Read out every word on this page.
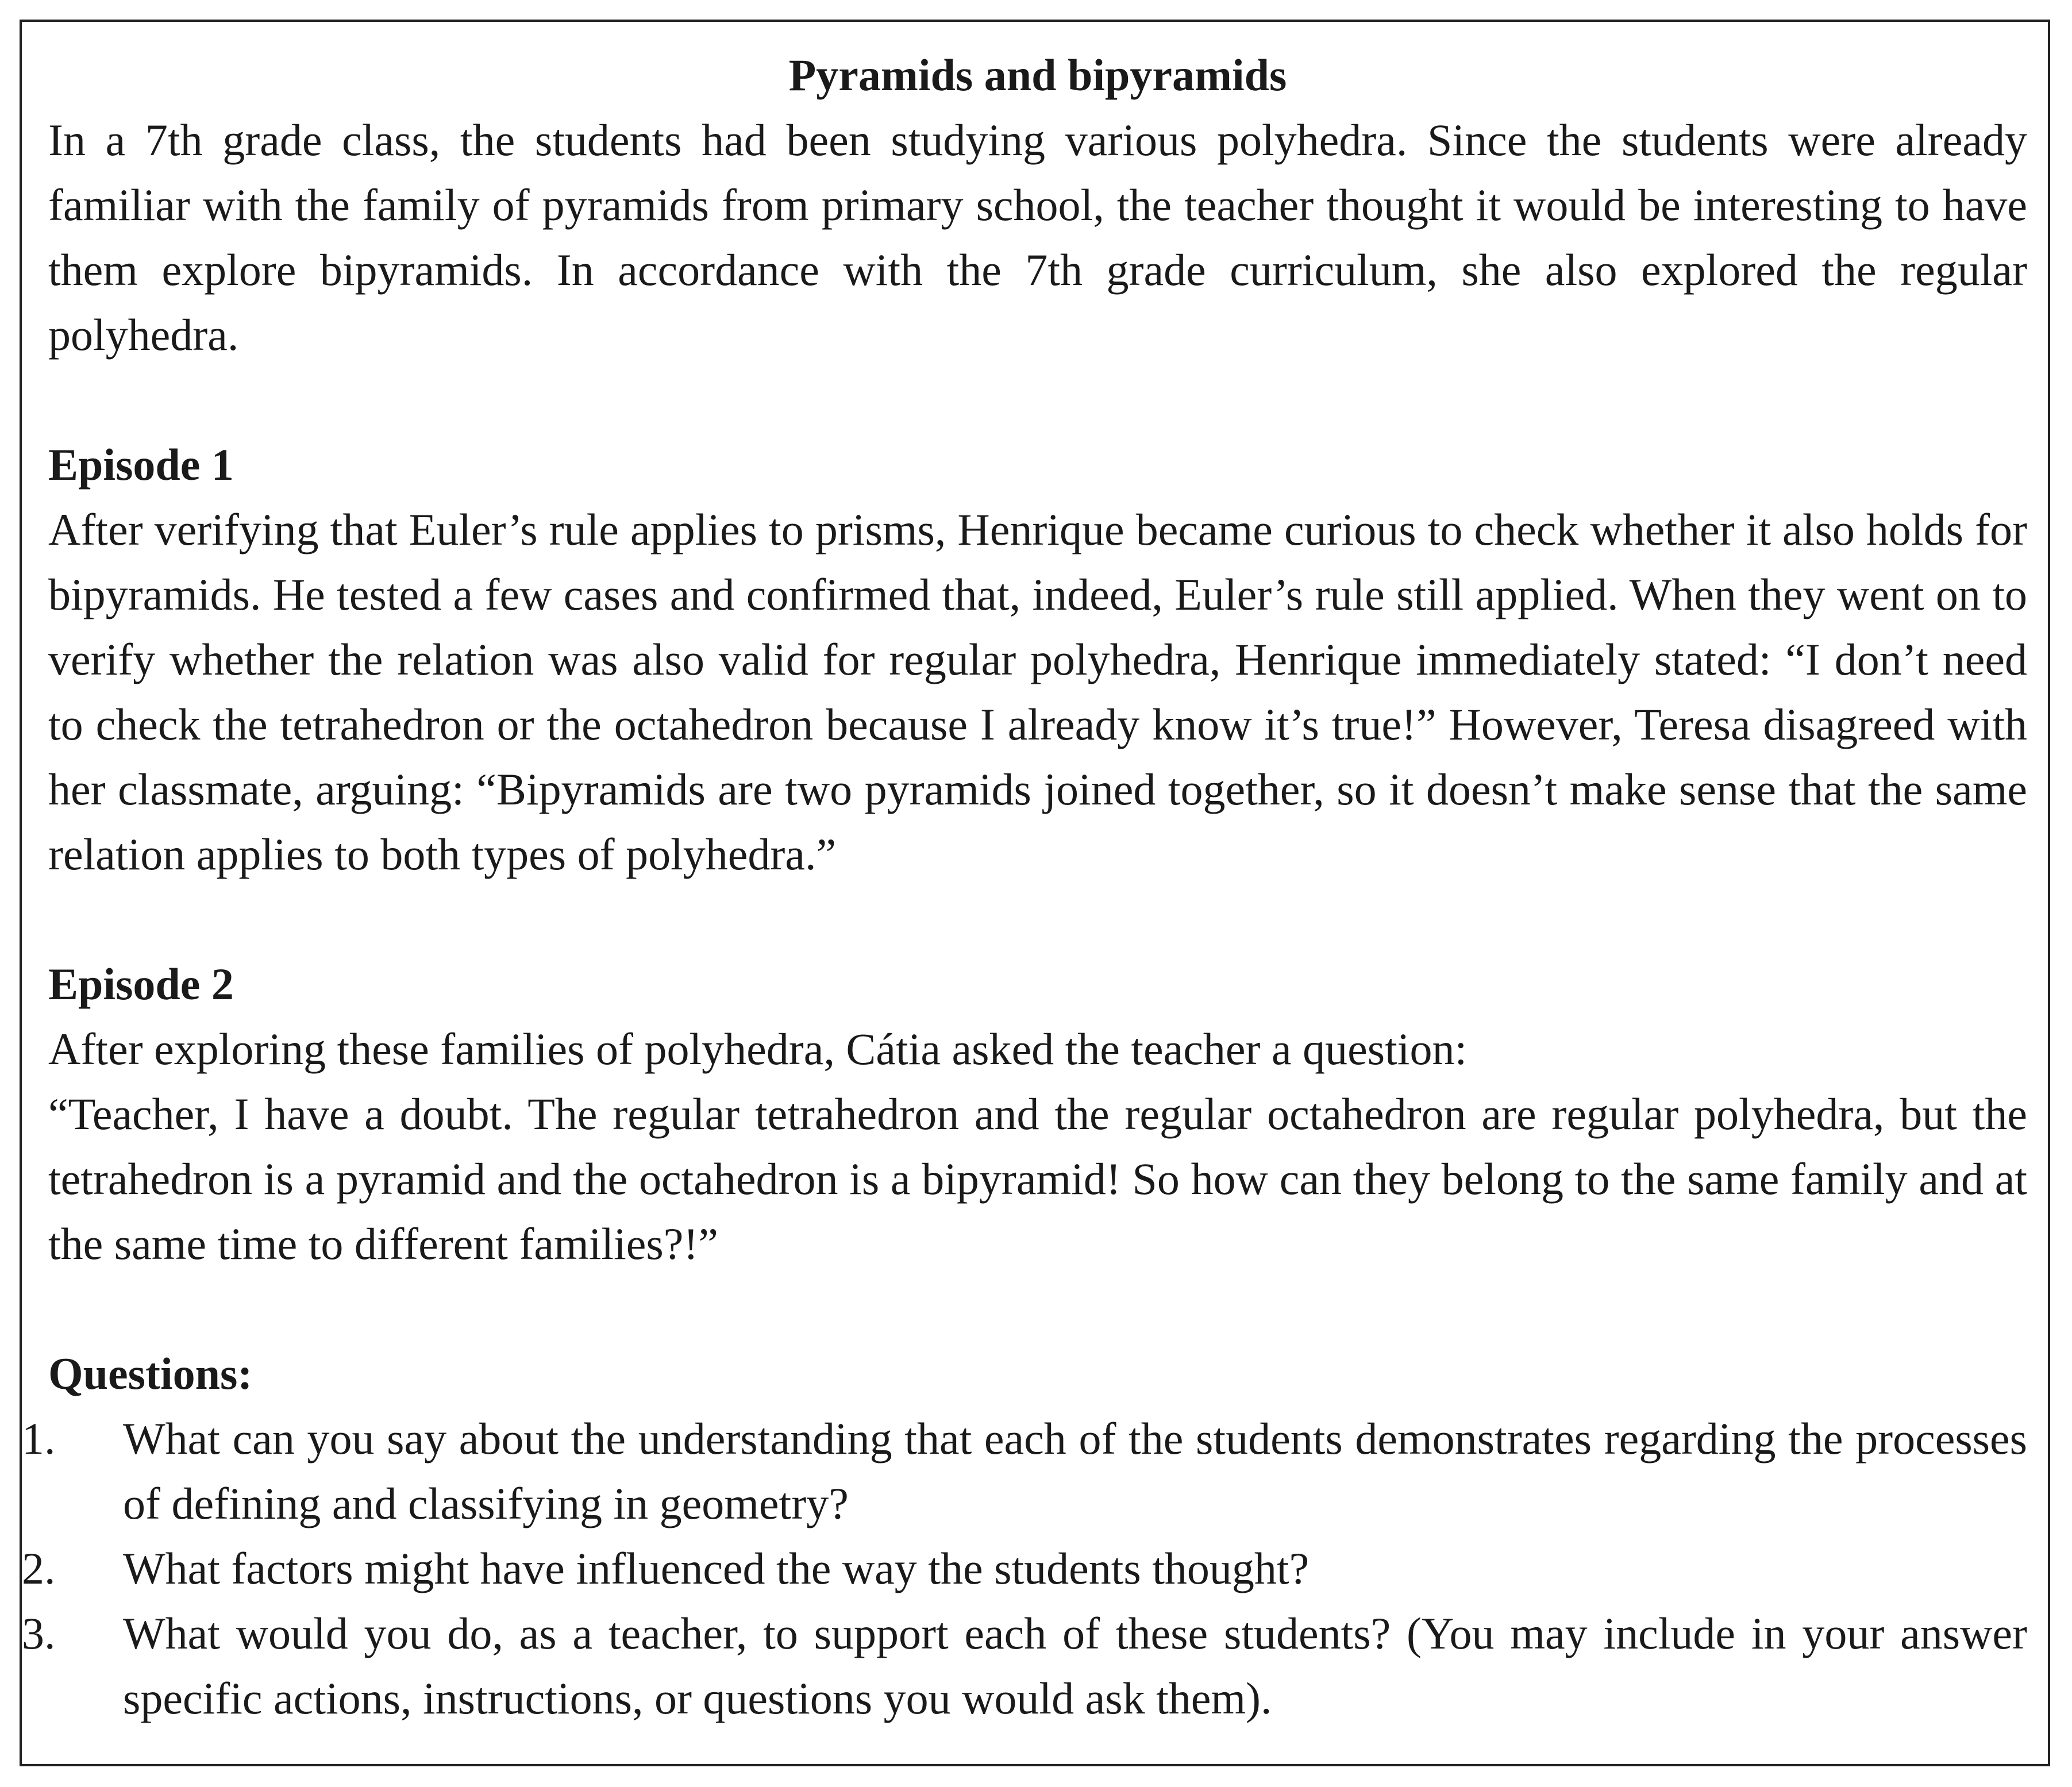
Pyramids and bipyramids

In a 7th grade class, the students had been studying various polyhedra. Since the students were already familiar with the family of pyramids from primary school, the teacher thought it would be interesting to have them explore bipyramids. In accordance with the 7th grade curriculum, she also explored the regular polyhedra.

Episode 1

After verifying that Euler’s rule applies to prisms, Henrique became curious to check whether it also holds for bipyramids. He tested a few cases and confirmed that, indeed, Euler’s rule still applied. When they went on to verify whether the relation was also valid for regular polyhedra, Henrique immediately stated: “I don’t need to check the tetrahedron or the octahedron because I already know it’s true!” However, Teresa disagreed with her classmate, arguing: “Bipyramids are two pyramids joined together, so it doesn’t make sense that the same relation applies to both types of polyhedra.”

Episode 2

After exploring these families of polyhedra, Cátia asked the teacher a question:

“Teacher, I have a doubt. The regular tetrahedron and the regular octahedron are regular polyhedra, but the tetrahedron is a pyramid and the octahedron is a bipyramid! So how can they belong to the same family and at the same time to different families?!”

Questions:
1. What can you say about the understanding that each of the students demonstrates regarding the processes of defining and classifying in geometry?
2. What factors might have influenced the way the students thought?
3. What would you do, as a teacher, to support each of these students? (You may include in your answer specific actions, instructions, or questions you would ask them).
